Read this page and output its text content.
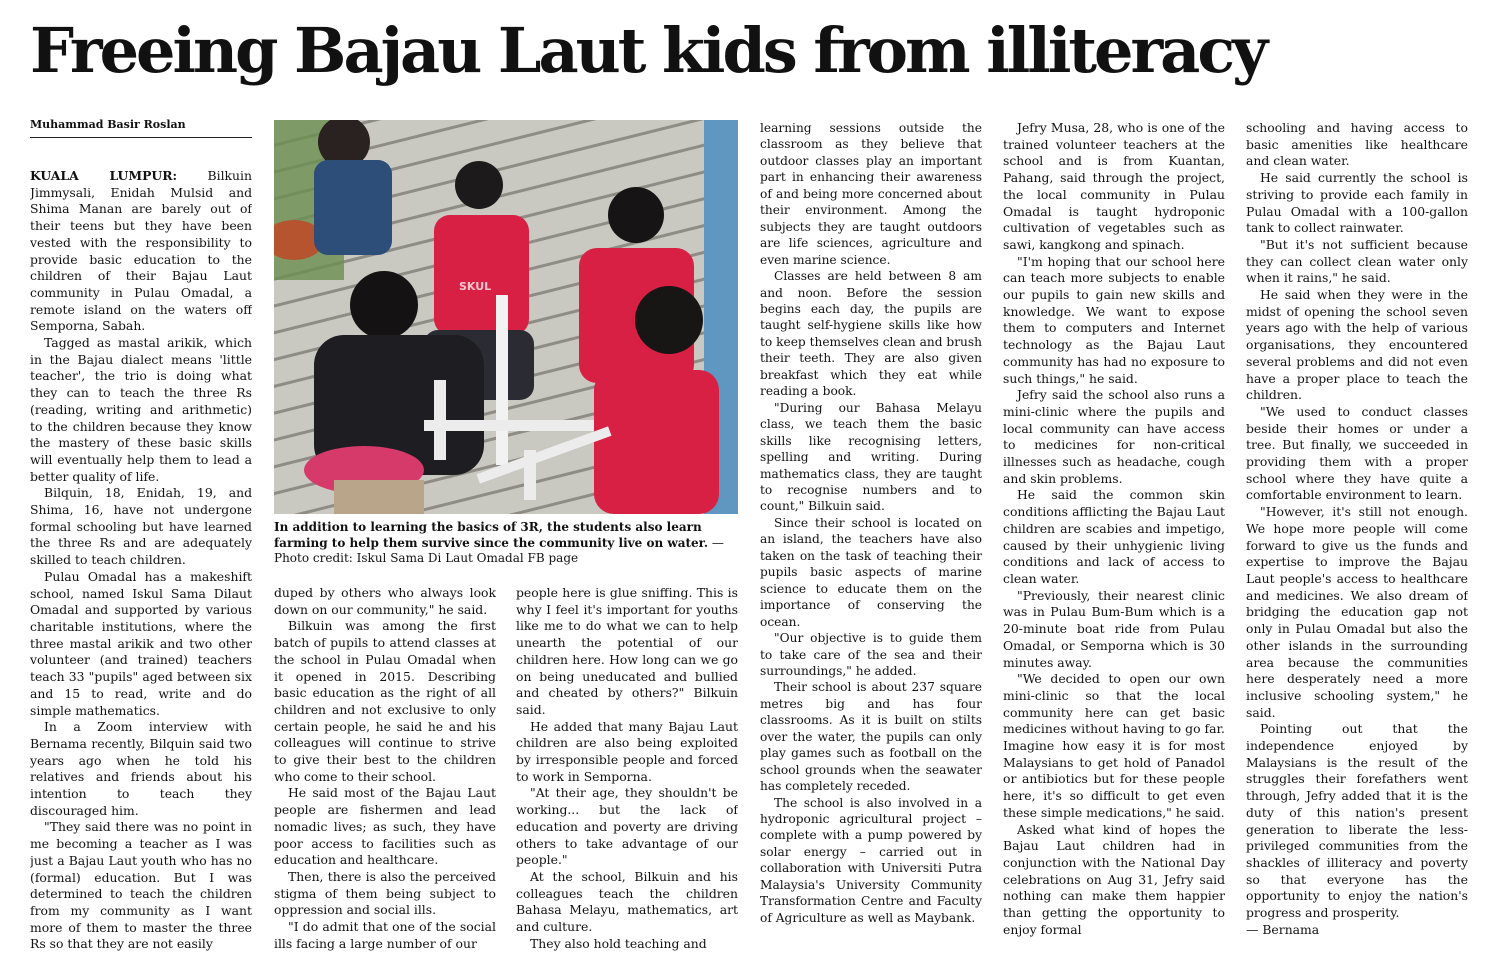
Freeing Bajau Laut kids from illiteracy
Muhammad Basir Roslan

KUALA LUMPUR: Bilkuin Jimmysali, Enidah Mulsid and Shima Manan are barely out of their teens but they have been vested with the responsibility to provide basic education to the children of their Bajau Laut community in Pulau Omadal, a remote island on the waters off Semporna, Sabah.

Tagged as mastal arikik, which in the Bajau dialect means 'little teacher', the trio is doing what they can to teach the three Rs (reading, writing and arithmetic) to the children because they know the mastery of these basic skills will eventually help them to lead a better quality of life.

Bilquin, 18, Enidah, 19, and Shima, 16, have not undergone formal schooling but have learned the three Rs and are adequately skilled to teach children.

Pulau Omadal has a makeshift school, named Iskul Sama Dilaut Omadal and supported by various charitable institutions, where the three mastal arikik and two other volunteer (and trained) teachers teach 33 "pupils" aged between six and 15 to read, write and do simple mathematics.

In a Zoom interview with Bernama recently, Bilquin said two years ago when he told his relatives and friends about his intention to teach they discouraged him.

"They said there was no point in me becoming a teacher as I was just a Bajau Laut youth who has no (formal) education. But I was determined to teach the children from my community as I want more of them to master the three Rs so that they are not easily

SKUL
In addition to learning the basics of 3R, the students also learn farming to help them survive since the community live on water. — Photo credit: Iskul Sama Di Laut Omadal FB page

duped by others who always look down on our community," he said.

Bilkuin was among the first batch of pupils to attend classes at the school in Pulau Omadal when it opened in 2015. Describing basic education as the right of all children and not exclusive to only certain people, he said he and his colleagues will continue to strive to give their best to the children who come to their school.

He said most of the Bajau Laut people are fishermen and lead nomadic lives; as such, they have poor access to facilities such as education and healthcare.

Then, there is also the perceived stigma of them being subject to oppression and social ills.

"I do admit that one of the social ills facing a large number of our

people here is glue sniffing. This is why I feel it's important for youths like me to do what we can to help unearth the potential of our children here. How long can we go on being uneducated and bullied and cheated by others?" Bilkuin said.

He added that many Bajau Laut children are also being exploited by irresponsible people and forced to work in Semporna.

"At their age, they shouldn't be working... but the lack of education and poverty are driving others to take advantage of our people."

At the school, Bilkuin and his colleagues teach the children Bahasa Melayu, mathematics, art and culture.

They also hold teaching and

learning sessions outside the classroom as they believe that outdoor classes play an important part in enhancing their awareness of and being more concerned about their environment. Among the subjects they are taught outdoors are life sciences, agriculture and even marine science.

Classes are held between 8 am and noon. Before the session begins each day, the pupils are taught self-hygiene skills like how to keep themselves clean and brush their teeth. They are also given breakfast which they eat while reading a book.

"During our Bahasa Melayu class, we teach them the basic skills like recognising letters, spelling and writing. During mathematics class, they are taught to recognise numbers and to count," Bilkuin said.

Since their school is located on an island, the teachers have also taken on the task of teaching their pupils basic aspects of marine science to educate them on the importance of conserving the ocean.

"Our objective is to guide them to take care of the sea and their surroundings," he added.

Their school is about 237 square metres big and has four classrooms. As it is built on stilts over the water, the pupils can only play games such as football on the school grounds when the seawater has completely receded.

The school is also involved in a hydroponic agricultural project – complete with a pump powered by solar energy – carried out in collaboration with Universiti Putra Malaysia's University Community Transformation Centre and Faculty of Agriculture as well as Maybank.

Jefry Musa, 28, who is one of the trained volunteer teachers at the school and is from Kuantan, Pahang, said through the project, the local community in Pulau Omadal is taught hydroponic cultivation of vegetables such as sawi, kangkong and spinach.

"I'm hoping that our school here can teach more subjects to enable our pupils to gain new skills and knowledge. We want to expose them to computers and Internet technology as the Bajau Laut community has had no exposure to such things," he said.

Jefry said the school also runs a mini-clinic where the pupils and local community can have access to medicines for non-critical illnesses such as headache, cough and skin problems.

He said the common skin conditions afflicting the Bajau Laut children are scabies and impetigo, caused by their unhygienic living conditions and lack of access to clean water.

"Previously, their nearest clinic was in Pulau Bum-Bum which is a 20-minute boat ride from Pulau Omadal, or Semporna which is 30 minutes away.

"We decided to open our own mini-clinic so that the local community here can get basic medicines without having to go far. Imagine how easy it is for most Malaysians to get hold of Panadol or antibiotics but for these people here, it's so difficult to get even these simple medications," he said.

Asked what kind of hopes the Bajau Laut children had in conjunction with the National Day celebrations on Aug 31, Jefry said nothing can make them happier than getting the opportunity to enjoy formal

schooling and having access to basic amenities like healthcare and clean water.

He said currently the school is striving to provide each family in Pulau Omadal with a 100-gallon tank to collect rainwater.

"But it's not sufficient because they can collect clean water only when it rains," he said.

He said when they were in the midst of opening the school seven years ago with the help of various organisations, they encountered several problems and did not even have a proper place to teach the children.

"We used to conduct classes beside their homes or under a tree. But finally, we succeeded in providing them with a proper school where they have quite a comfortable environment to learn.

"However, it's still not enough. We hope more people will come forward to give us the funds and expertise to improve the Bajau Laut people's access to healthcare and medicines. We also dream of bridging the education gap not only in Pulau Omadal but also the other islands in the surrounding area because the communities here desperately need a more inclusive schooling system," he said.

Pointing out that the independence enjoyed by Malaysians is the result of the struggles their forefathers went through, Jefry added that it is the duty of this nation's present generation to liberate the less-privileged communities from the shackles of illiteracy and poverty so that everyone has the opportunity to enjoy the nation's progress and prosperity.

— Bernama
